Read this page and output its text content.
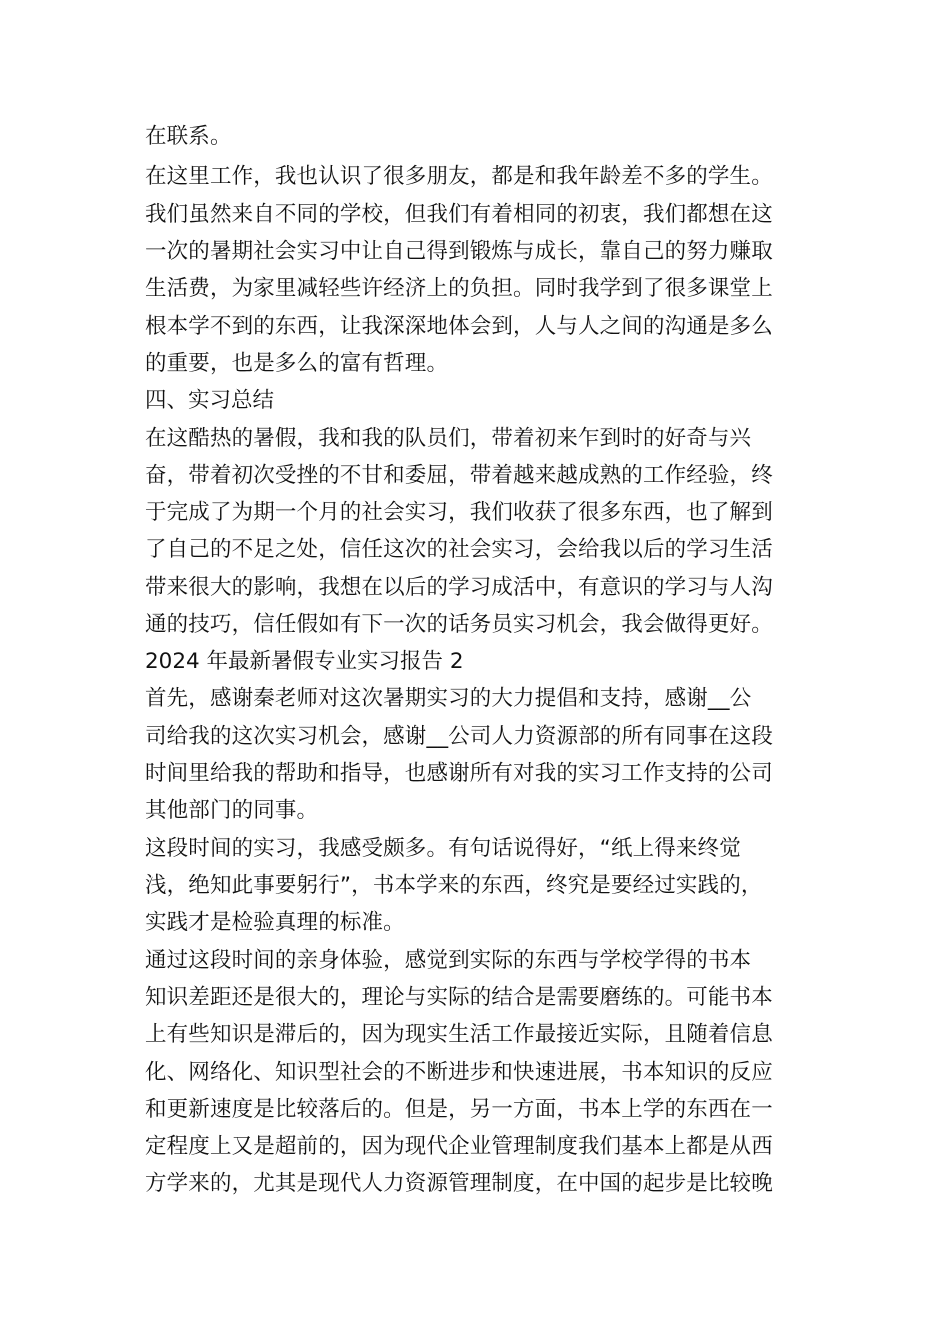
在联系。
在这里工作，我也认识了很多朋友，都是和我年龄差不多的学生。
我们虽然来自不同的学校，但我们有着相同的初衷，我们都想在这
一次的暑期社会实习中让自己得到锻炼与成长，靠自己的努力赚取
生活费，为家里减轻些许经济上的负担。同时我学到了很多课堂上
根本学不到的东西，让我深深地体会到，人与人之间的沟通是多么
的重要，也是多么的富有哲理。
四、实习总结
在这酷热的暑假，我和我的队员们，带着初来乍到时的好奇与兴
奋，带着初次受挫的不甘和委屈，带着越来越成熟的工作经验，终
于完成了为期一个月的社会实习，我们收获了很多东西，也了解到
了自己的不足之处，信任这次的社会实习，会给我以后的学习生活
带来很大的影响，我想在以后的学习成活中，有意识的学习与人沟
通的技巧，信任假如有下一次的话务员实习机会，我会做得更好。
2024 年最新暑假专业实习报告 2
首先，感谢秦老师对这次暑期实习的大力提倡和支持，感谢__公
司给我的这次实习机会，感谢__公司人力资源部的所有同事在这段
时间里给我的帮助和指导，也感谢所有对我的实习工作支持的公司
其他部门的同事。
这段时间的实习，我感受颇多。有句话说得好，“纸上得来终觉
浅，绝知此事要躬行”，书本学来的东西，终究是要经过实践的，
实践才是检验真理的标准。
通过这段时间的亲身体验，感觉到实际的东西与学校学得的书本
知识差距还是很大的，理论与实际的结合是需要磨练的。可能书本
上有些知识是滞后的，因为现实生活工作最接近实际，且随着信息
化、网络化、知识型社会的不断进步和快速进展，书本知识的反应
和更新速度是比较落后的。但是，另一方面，书本上学的东西在一
定程度上又是超前的，因为现代企业管理制度我们基本上都是从西
方学来的，尤其是现代人力资源管理制度，在中国的起步是比较晚
